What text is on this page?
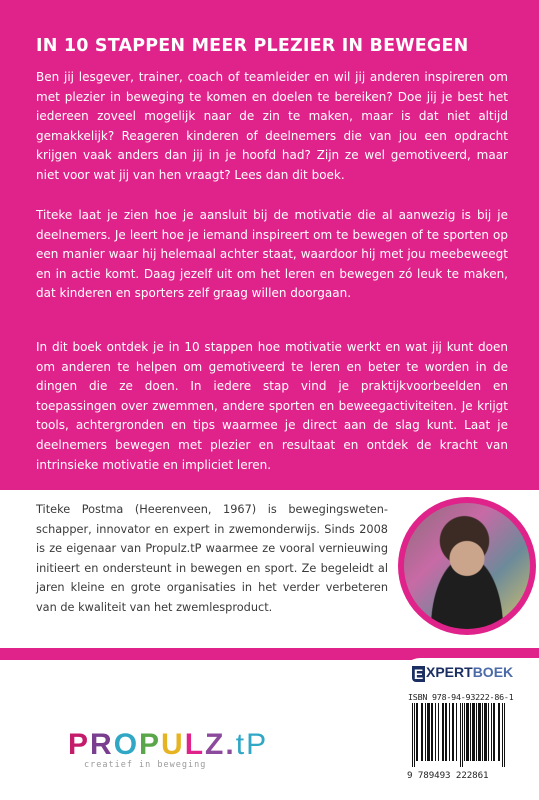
IN 10 STAPPEN MEER PLEZIER IN BEWEGEN

Ben jij lesgever, trainer, coach of teamleider en wil jij anderen inspireren om met plezier in beweging te komen en doelen te bereiken? Doe jij je best het iedereen zoveel mogelijk naar de zin te maken, maar is dat niet altijd gemakkelijk? Reageren kinderen of deelnemers die van jou een opdracht krijgen vaak anders dan jij in je hoofd had? Zijn ze wel gemotiveerd, maar niet voor wat jij van hen vraagt? Lees dan dit boek.

Titeke laat je zien hoe je aansluit bij de motivatie die al aanwezig is bij je deelnemers. Je leert hoe je iemand inspireert om te bewegen of te sporten op een manier waar hij helemaal achter staat, waardoor hij met jou meebeweegt en in actie komt. Daag jezelf uit om het leren en bewegen zó leuk te maken, dat kinderen en sporters zelf graag willen doorgaan.

In dit boek ontdek je in 10 stappen hoe motivatie werkt en wat jij kunt doen om anderen te helpen om gemotiveerd te leren en beter te worden in de dingen die ze doen. In iedere stap vind je praktijkvoorbeelden en toepassingen over zwemmen, andere sporten en beweegactiviteiten. Je krijgt tools, achtergronden en tips waarmee je direct aan de slag kunt. Laat je deelnemers bewegen met plezier en resultaat en ontdek de kracht van intrinsieke motivatie en impliciet leren.

Titeke Postma (Heerenveen, 1967) is bewegingsweten-schapper, innovator en expert in zwemonderwijs. Sinds 2008 is ze eigenaar van Propulz.tP waarmee ze vooral vernieuwing initieert en ondersteunt in bewegen en sport. Ze begeleidt al jaren kleine en grote organisaties in het verder verbeteren van de kwaliteit van het zwemlesproduct.

E XPERTBOEK
ISBN 978-94-93222-86-1
9 789493 222861
PROPULZ.tP
creatief in beweging
